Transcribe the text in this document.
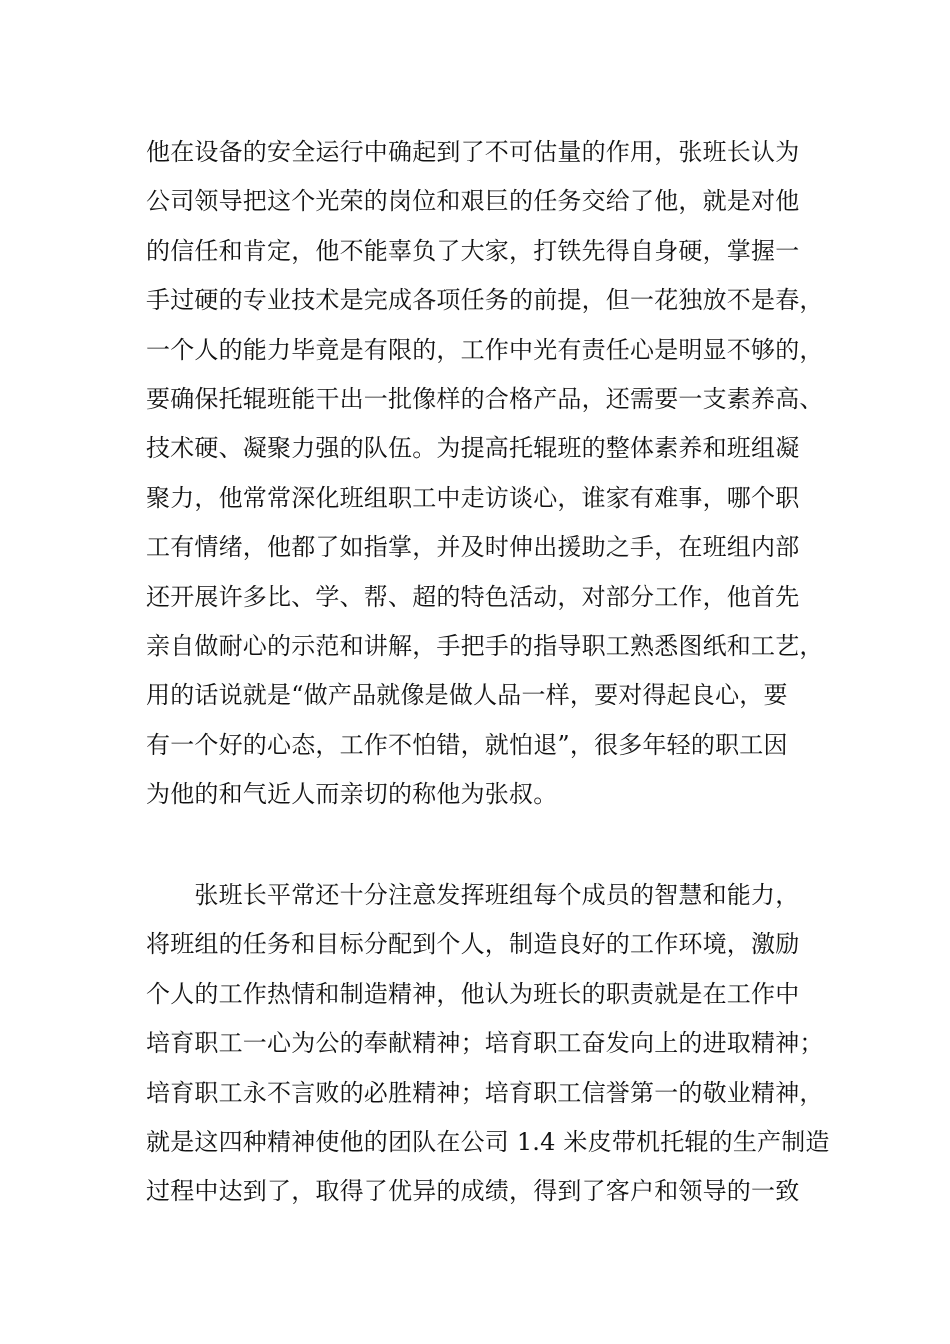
他在设备的安全运行中确起到了不可估量的作用，张班长认为
公司领导把这个光荣的岗位和艰巨的任务交给了他，就是对他
的信任和肯定，他不能辜负了大家，打铁先得自身硬，掌握一
手过硬的专业技术是完成各项任务的前提，但一花独放不是春，
一个人的能力毕竟是有限的，工作中光有责任心是明显不够的，
要确保托辊班能干出一批像样的合格产品，还需要一支素养高、
技术硬、凝聚力强的队伍。为提高托辊班的整体素养和班组凝
聚力，他常常深化班组职工中走访谈心，谁家有难事，哪个职
工有情绪，他都了如指掌，并及时伸出援助之手，在班组内部
还开展许多比、学、帮、超的特色活动，对部分工作，他首先
亲自做耐心的示范和讲解，手把手的指导职工熟悉图纸和工艺，
用的话说就是“做产品就像是做人品一样，要对得起良心，要
有一个好的心态，工作不怕错，就怕退”，很多年轻的职工因
为他的和气近人而亲切的称他为张叔。
　　张班长平常还十分注意发挥班组每个成员的智慧和能力，
将班组的任务和目标分配到个人，制造良好的工作环境，激励
个人的工作热情和制造精神，他认为班长的职责就是在工作中
培育职工一心为公的奉献精神；培育职工奋发向上的进取精神；
培育职工永不言败的必胜精神；培育职工信誉第一的敬业精神，
就是这四种精神使他的团队在公司 1.4 米皮带机托辊的生产制造
过程中达到了，取得了优异的成绩，得到了客户和领导的一致
